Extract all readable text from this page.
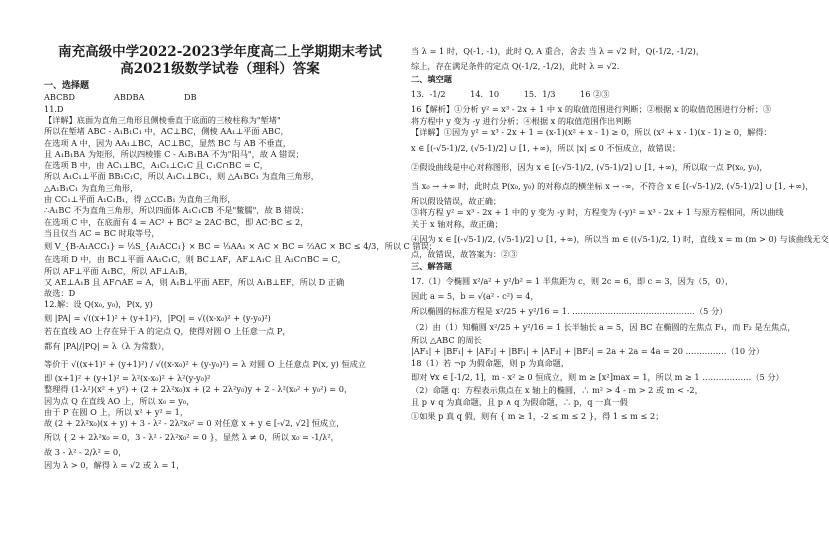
南充高级中学2022-2023学年度高二上学期期末考试

高2021级数学试卷（理科）答案

一、选择题
ABCBD	ABDBA	DB
11.D
【详解】底面为直角三角形且侧棱垂直于底面的三棱柱称为"堑堵"
所以在堑堵 ABC - A₁B₁C₁ 中，AC⊥BC，侧棱 AA₁⊥平面 ABC，
在选项 A 中，因为 AA₁⊥BC，AC⊥BC，显然 BC 与 AB 不垂直，
且 A₁B₁BA 为矩形，所以四棱锥 C - A₁B₁BA 不为"阳马"，故 A 错误；
在选项 B 中，由 AC₁⊥BC，A₁C₁⊥C₁C 且 C₁C∩BC = C，
所以 A₁C₁⊥平面 BB₁C₁C，所以 A₁C₁⊥BC₁，则 △A₁BC₁ 为直角三角形，
△A₁B₁C₁ 为直角三角形，
由 CC₁⊥平面 A₁C₁B₁，得 △CC₁B₁ 为直角三角形，
∴A₁BC 不为直角三角形，所以四面体 A₁C₁CB 不是"鳖臑"，故 B 错误；
在选项 C 中，在底面有 4 = AC² + BC² ≥ 2AC·BC，即 AC·BC ≤ 2，
当且仅当 AC = BC 时取等号，
则 V_{B-A₁ACC₁} = ⅓S_{A₁ACC₁} × BC = ⅓AA₁ × AC × BC = ⅔AC × BC ≤ 4/3，所以 C 错误；
在选项 D 中，由 BC⊥平面 AA₁C₁C，则 BC⊥AF，AF⊥A₁C 且 A₁C∩BC = C，
所以 AF⊥平面 A₁BC，所以 AF⊥A₁B，
又 AE⊥A₁B 且 AF∩AE = A，则 A₁B⊥平面 AEF，所以 A₁B⊥EF，所以 D 正确
故选：D
12.解：设 Q(x₀, y₀)，P(x, y)
则 |PA| = √((x+1)² + (y+1)²)，|PQ| = √((x-x₀)² + (y-y₀)²)
若在直线 AO 上存在异于 A 的定点 Q，使得对圆 O 上任意一点 P，
都有 |PA|/|PQ| = λ（λ 为常数），
等价于 √((x+1)² + (y+1)²) / √((x-x₀)² + (y-y₀)²) = λ 对圆 O 上任意点 P(x, y) 恒成立
即 (x+1)² + (y+1)² = λ²(x-x₀)² + λ²(y-y₀)²
整理得 (1-λ²)(x² + y²) + (2 + 2λ²x₀)x + (2 + 2λ²y₀)y + 2 - λ²(x₀² + y₀²) = 0，
因为点 Q 在直线 AO 上，所以 x₀ = y₀，
由于 P 在圆 O 上，所以 x² + y² = 1，
故 (2 + 2λ²x₀)(x + y) + 3 - λ² - 2λ²x₀² = 0 对任意 x + y ∈ [-√2, √2] 恒成立，
所以 { 2 + 2λ²x₀ = 0，3 - λ² - 2λ²x₀² = 0 }，显然 λ ≠ 0，所以 x₀ = -1/λ²，
故 3 - λ² - 2/λ² = 0，
因为 λ > 0，解得 λ = √2 或 λ = 1，
当 λ = 1 时，Q(-1, -1)，此时 Q, A 重合，舍去 当 λ = √2 时，Q(-1/2, -1/2)，
综上，存在满足条件的定点 Q(-1/2, -1/2)，此时 λ = √2．
二、填空题
13．-1/2　　　14．10　　　15．1/3　　　16 ②③
16【解析】①分析 y² = x³ - 2x + 1 中 x 的取值范围进行判断；②根据 x 的取值范围进行分析；③
将方程中 y 变为 -y 进行分析；④根据 x 的取值范围作出判断
【详解】①因为 y² = x³ - 2x + 1 = (x-1)(x² + x - 1) ≥ 0，所以 (x² + x - 1)(x - 1) ≥ 0，解得：
x ∈ [(-√5-1)/2, (√5-1)/2] ∪ [1, +∞)，所以 |x| ≤ 0 不恒成立，故错误；
②假设曲线是中心对称图形，因为 x ∈ [(-√5-1)/2, (√5-1)/2] ∪ [1, +∞)，所以取一点 P(x₀, y₀)，
当 x₀ → +∞ 时，此时点 P(x₀, y₀) 的对称点的横坐标 x → -∞，不符合 x ∈ [(-√5-1)/2, (√5-1)/2] ∪ [1, +∞)，
所以假设错误，故正确；
③将方程 y² = x³ - 2x + 1 中的 y 变为 -y 时，方程变为 (-y)² = x³ - 2x + 1 与原方程相同，所以曲线
关于 x 轴对称，故正确；
④因为 x ∈ [(-√5-1)/2, (√5-1)/2] ∪ [1, +∞)，所以当 m ∈ ((√5-1)/2, 1) 时，直线 x = m (m > 0) 与该曲线无交
点，故错误，故答案为：②③
三、解答题
17.（1）令椭圆 x²/a² + y²/b² = 1 半焦距为 c，则 2c = 6，即 c = 3，因为（5，0），
因此 a = 5，b = √(a² - c²) = 4，
所以椭圆的标准方程是 x²/25 + y²/16 = 1. ………………………………………（5 分）
（2）由（1）知椭圆 x²/25 + y²/16 = 1 长半轴长 a = 5，因 BC 在椭圆的左焦点 F₁，而 F₂ 是左焦点，
所以 △ABC 的周长
|AF₁| + |BF₁| + |AF₂| + |BF₁| + |AF₂| + |BF₂| = 2a + 2a = 4a = 20 ……………（10 分）
18（1）若 ¬p 为假命题，则 p 为真命题，
即对 ∀x ∈ [-1/2, 1]，m - x² ≥ 0 恒成立，则 m ≥ [x²]max = 1，所以 m ≥ 1 ………………（5 分）
（2）命题 q：方程表示焦点在 x 轴上的椭圆，∴ m² > 4 - m > 2 或 m < -2，
且 p ∨ q 为真命题，且 p ∧ q 为假命题，∴ p，q 一真一假
①如果 p 真 q 假，则有 { m ≥ 1，-2 ≤ m ≤ 2 }，得 1 ≤ m ≤ 2；
